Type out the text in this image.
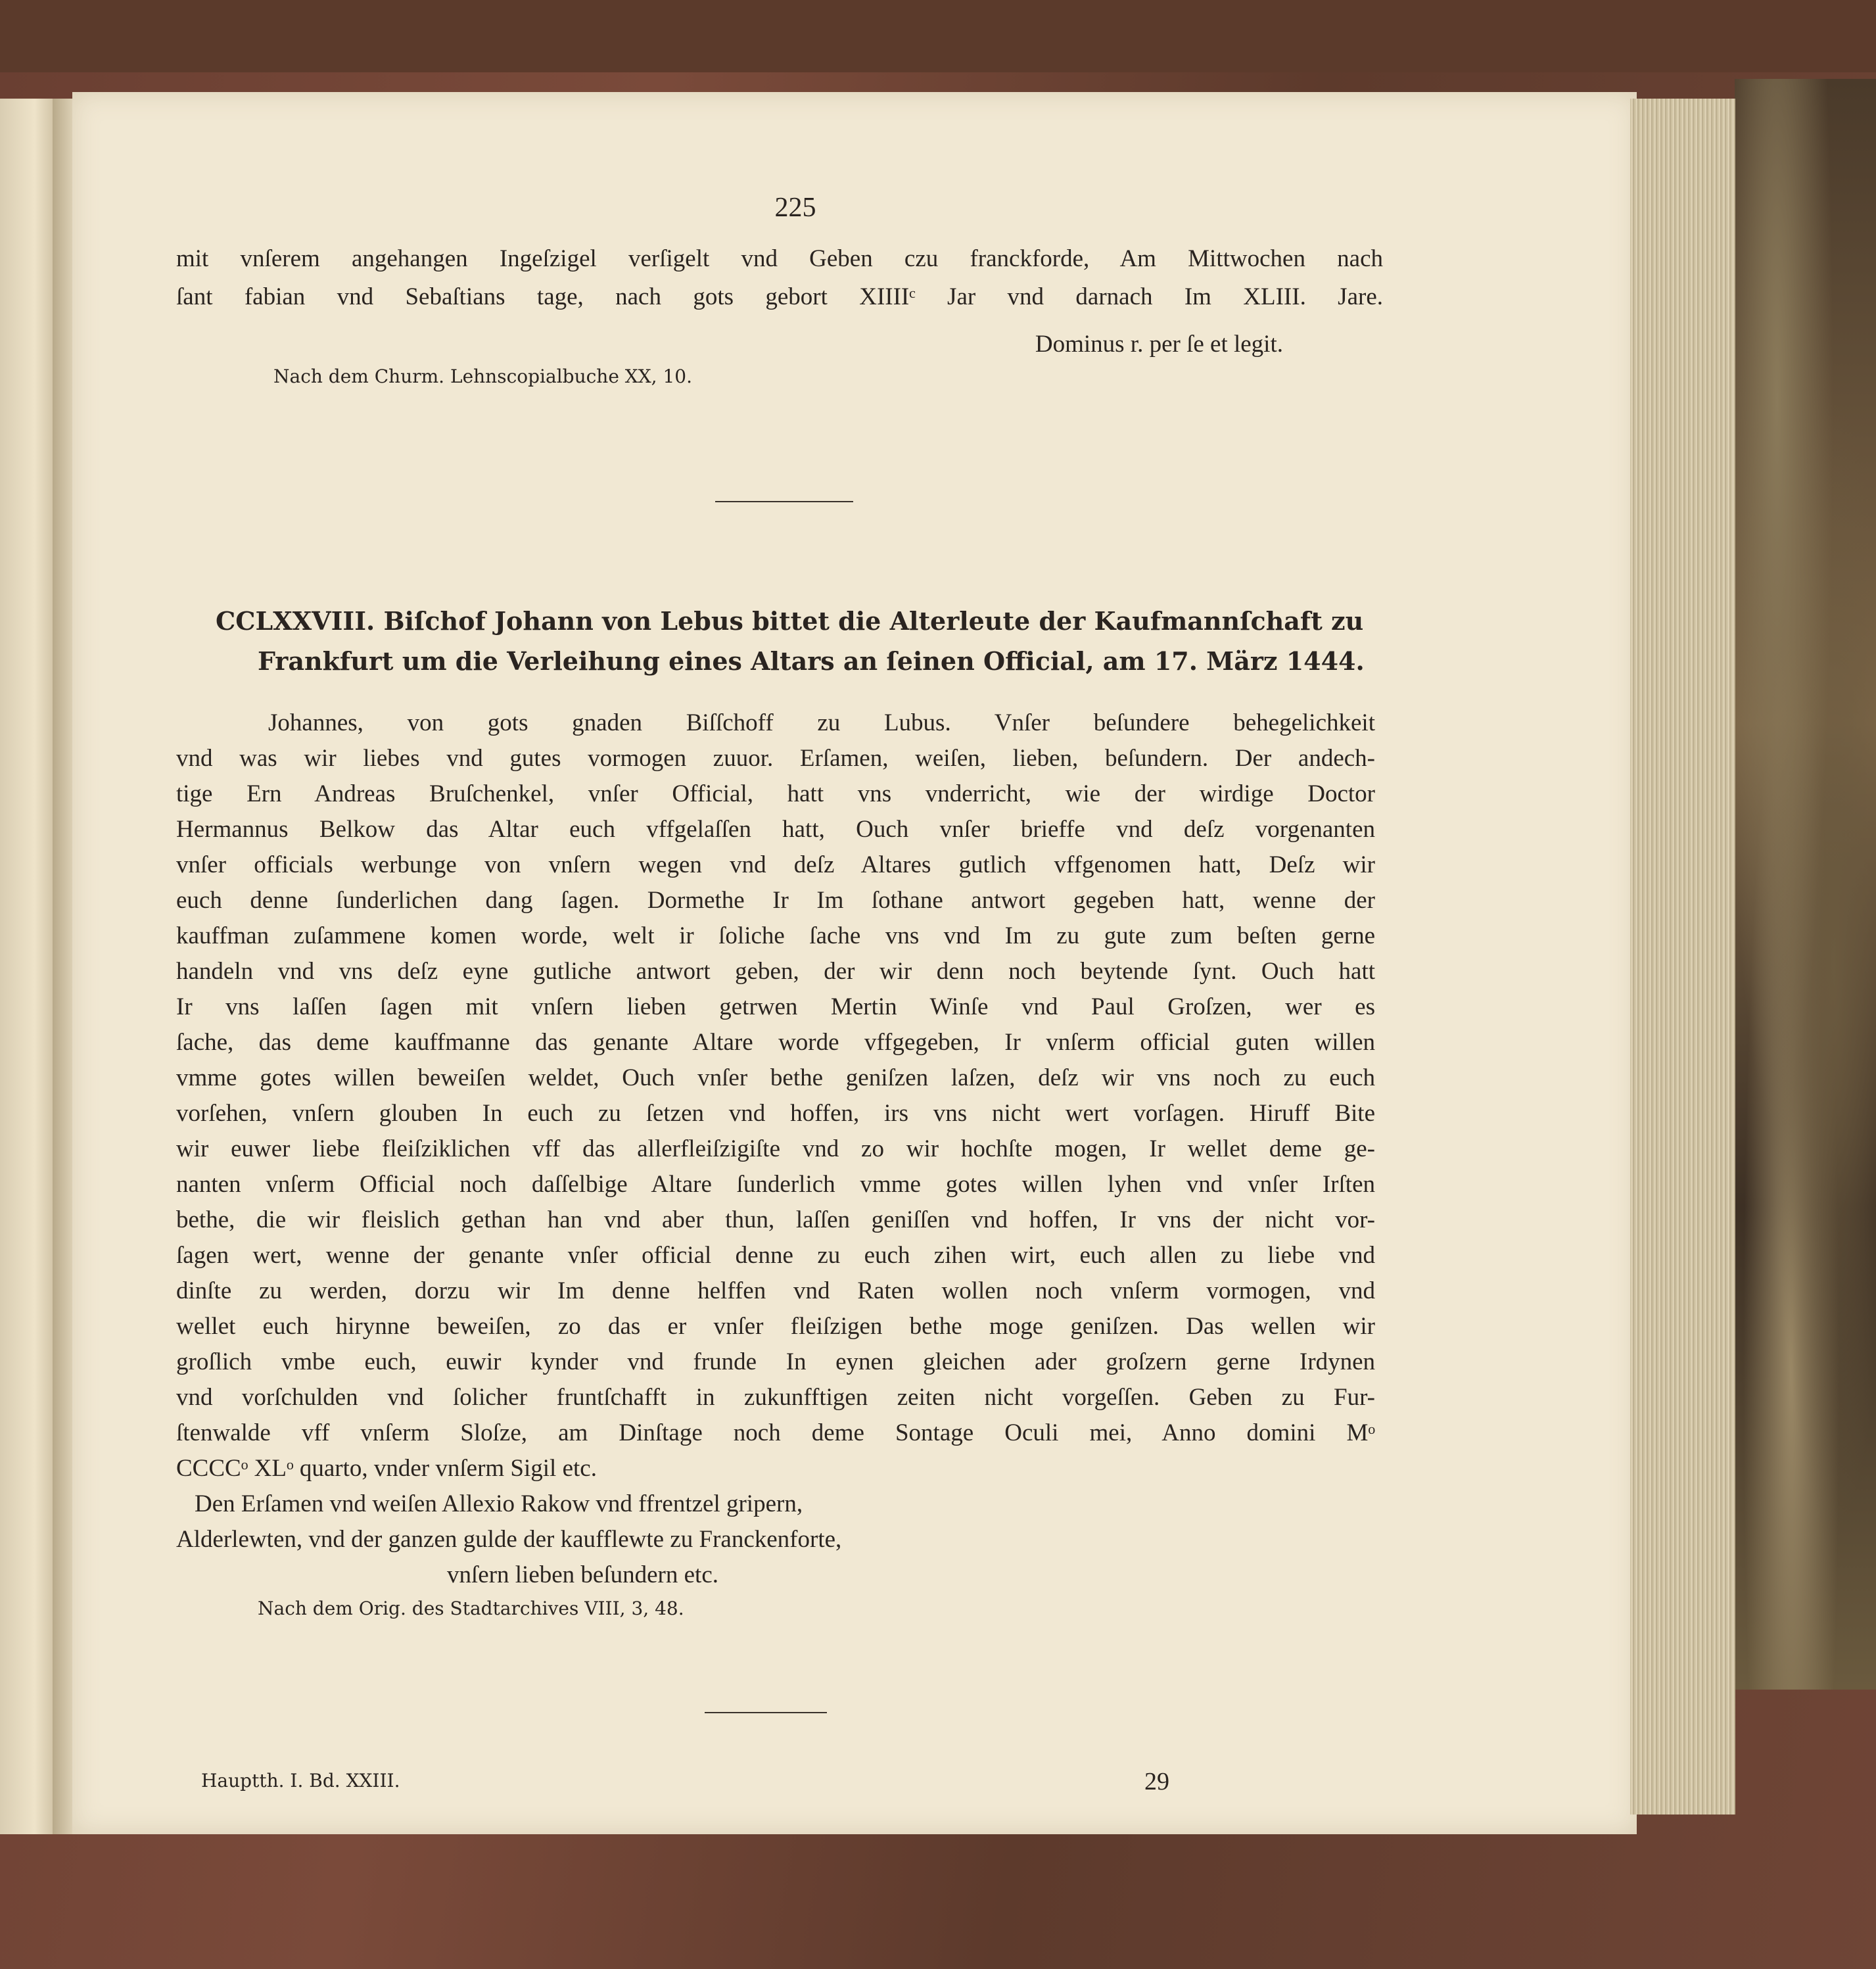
225
mit vnſerem angehangen Ingeſzigel verſigelt vnd Geben czu franckforde, Am Mittwochen nach
ſant fabian vnd Sebaſtians tage, nach gots gebort XIIIIᶜ Jar vnd darnach Im XLIII. Jare.
Dominus r. per ſe et legit.
Nach dem Churm. Lehnscopialbuche XX, 10.
CCLXXVIII. Biſchof Johann von Lebus bittet die Alterleute der Kaufmannſchaft zu
Frankfurt um die Verleihung eines Altars an ſeinen Official, am 17. März 1444.
Johannes, von gots gnaden Biſſchoff zu Lubus. Vnſer beſundere behegelichkeit
vnd was wir liebes vnd gutes vormogen zuuor. Erſamen, weiſen, lieben, beſundern. Der andech-
tige Ern Andreas Bruſchenkel, vnſer Official, hatt vns vnderricht, wie der wirdige Doctor
Hermannus Belkow das Altar euch vffgelaſſen hatt, Ouch vnſer brieffe vnd deſz vorgenanten
vnſer officials werbunge von vnſern wegen vnd deſz Altares gutlich vffgenomen hatt, Deſz wir
euch denne ſunderlichen dang ſagen. Dormethe Ir Im ſothane antwort gegeben hatt, wenne der
kauffman zuſammene komen worde, welt ir ſoliche ſache vns vnd Im zu gute zum beſten gerne
handeln vnd vns deſz eyne gutliche antwort geben, der wir denn noch beytende ſynt. Ouch hatt
Ir vns laſſen ſagen mit vnſern lieben getrwen Mertin Winſe vnd Paul Groſzen, wer es
ſache, das deme kauffmanne das genante Altare worde vffgegeben, Ir vnſerm official guten willen
vmme gotes willen beweiſen weldet, Ouch vnſer bethe geniſzen laſzen, deſz wir vns noch zu euch
vorſehen, vnſern glouben In euch zu ſetzen vnd hoffen, irs vns nicht wert vorſagen. Hiruff Bite
wir euwer liebe fleiſziklichen vff das allerfleiſzigiſte vnd zo wir hochſte mogen, Ir wellet deme ge-
nanten vnſerm Official noch daſſelbige Altare ſunderlich vmme gotes willen lyhen vnd vnſer Irſten
bethe, die wir fleislich gethan han vnd aber thun, laſſen geniſſen vnd hoffen, Ir vns der nicht vor-
ſagen wert, wenne der genante vnſer official denne zu euch zihen wirt, euch allen zu liebe vnd
dinſte zu werden, dorzu wir Im denne helffen vnd Raten wollen noch vnſerm vormogen, vnd
wellet euch hirynne beweiſen, zo das er vnſer fleiſzigen bethe moge geniſzen. Das wellen wir
groſlich vmbe euch, euwir kynder vnd frunde In eynen gleichen ader groſzern gerne Irdynen
vnd vorſchulden vnd ſolicher fruntſchafft in zukunfftigen zeiten nicht vorgeſſen. Geben zu Fur-
ſtenwalde vff vnſerm Sloſze, am Dinſtage noch deme Sontage Oculi mei, Anno domini Mᵒ
CCCCᵒ XLᵒ quarto, vnder vnſerm Sigil etc.
Den Erſamen vnd weiſen Allexio Rakow vnd ffrentzel gripern,
Alderlewten, vnd der ganzen gulde der kaufflewte zu Franckenforte,
vnſern lieben beſundern etc.
Nach dem Orig. des Stadtarchives VIII, 3, 48.
Hauptth. I. Bd. XXIII.	29
